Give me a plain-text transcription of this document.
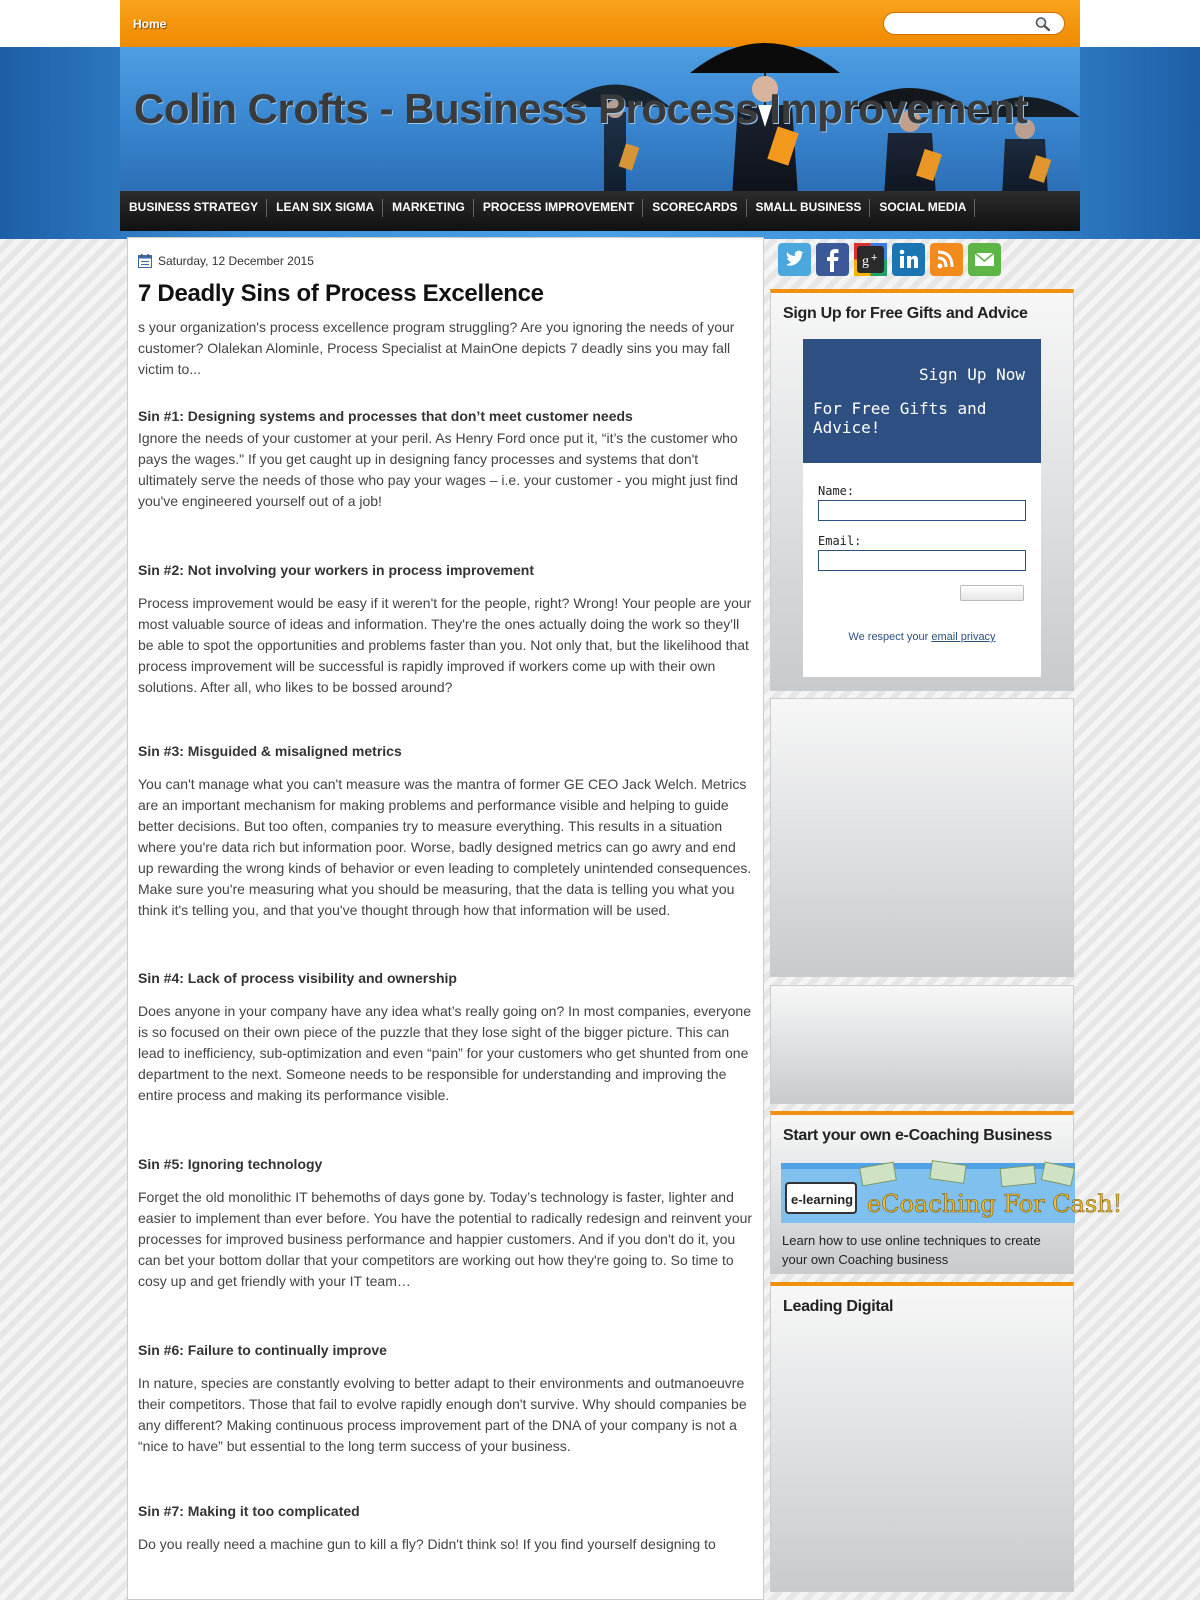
Home
Colin Crofts - Business Process Improvement
BUSINESS STRATEGY	LEAN SIX SIGMA	MARKETING	PROCESS IMPROVEMENT	SCORECARDS	SMALL BUSINESS	SOCIAL MEDIA
Saturday, 12 December 2015
7 Deadly Sins of Process Excellence

s your organization's process excellence program struggling? Are you ignoring the needs of your customer? Olalekan Alominle, Process Specialist at MainOne depicts 7 deadly sins you may fall victim to...

Sin #1: Designing systems and processes that don’t meet customer needs

Ignore the needs of your customer at your peril. As Henry Ford once put it, “it’s the customer who pays the wages." If you get caught up in designing fancy processes and systems that don't ultimately serve the needs of those who pay your wages – i.e. your customer - you might just find you've engineered yourself out of a job!

Sin #2: Not involving your workers in process improvement

Process improvement would be easy if it weren't for the people, right? Wrong! Your people are your most valuable source of ideas and information. They're the ones actually doing the work so they'll be able to spot the opportunities and problems faster than you. Not only that, but the likelihood that process improvement will be successful is rapidly improved if workers come up with their own solutions. After all, who likes to be bossed around?

Sin #3: Misguided & misaligned metrics

You can't manage what you can't measure was the mantra of former GE CEO Jack Welch. Metrics are an important mechanism for making problems and performance visible and helping to guide better decisions. But too often, companies try to measure everything. This results in a situation where you're data rich but information poor. Worse, badly designed metrics can go awry and end up rewarding the wrong kinds of behavior or even leading to completely unintended consequences. Make sure you're measuring what you should be measuring, that the data is telling you what you think it's telling you, and that you've thought through how that information will be used.

Sin #4: Lack of process visibility and ownership

Does anyone in your company have any idea what’s really going on? In most companies, everyone is so focused on their own piece of the puzzle that they lose sight of the bigger picture. This can lead to inefficiency, sub-optimization and even “pain” for your customers who get shunted from one department to the next. Someone needs to be responsible for understanding and improving the entire process and making its performance visible.

Sin #5: Ignoring technology

Forget the old monolithic IT behemoths of days gone by. Today’s technology is faster, lighter and easier to implement than ever before. You have the potential to radically redesign and reinvent your processes for improved business performance and happier customers. And if you don't do it, you can bet your bottom dollar that your competitors are working out how they're going to. So time to cosy up and get friendly with your IT team…

Sin #6: Failure to continually improve

In nature, species are constantly evolving to better adapt to their environments and outmanoeuvre their competitors. Those that fail to evolve rapidly enough don't survive. Why should companies be any different? Making continuous process improvement part of the DNA of your company is not a “nice to have” but essential to the long term success of your business.

Sin #7: Making it too complicated

Do you really need a machine gun to kill a fly? Didn't think so! If you find yourself designing to

g +
Sign Up for Free Gifts and Advice
Sign Up Now
For Free Gifts and Advice!
Name:
Email:
We respect your email privacy
Start your own e-Coaching Business
e-learning eCoaching For Cash!
Learn how to use online techniques to create your own Coaching business
Leading Digital
